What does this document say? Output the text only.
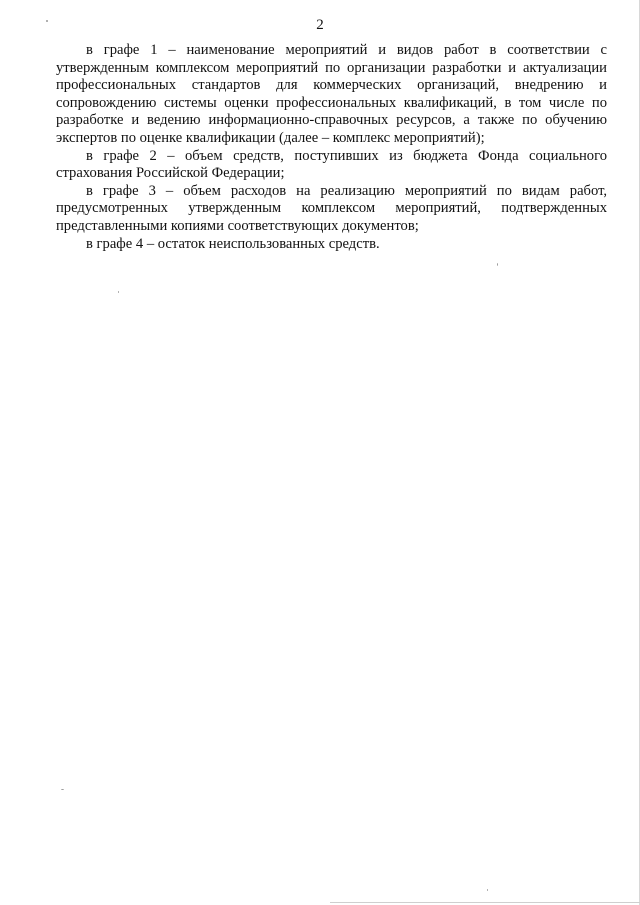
2

в графе 1 – наименование мероприятий и видов работ в соответствии с утвержденным комплексом мероприятий по организации разработки и актуализации профессиональных стандартов для коммерческих организаций, внедрению и сопровождению системы оценки профессиональных квалификаций, в том числе по разработке и ведению информационно-справочных ресурсов, а также по обучению экспертов по оценке квалификации (далее – комплекс мероприятий);

в графе 2 – объем средств, поступивших из бюджета Фонда социального страхования Российской Федерации;

в графе 3 – объем расходов на реализацию мероприятий по видам работ, предусмотренных утвержденным комплексом мероприятий, подтвержденных представленными копиями соответствующих документов;

в графе 4 – остаток неиспользованных средств.
